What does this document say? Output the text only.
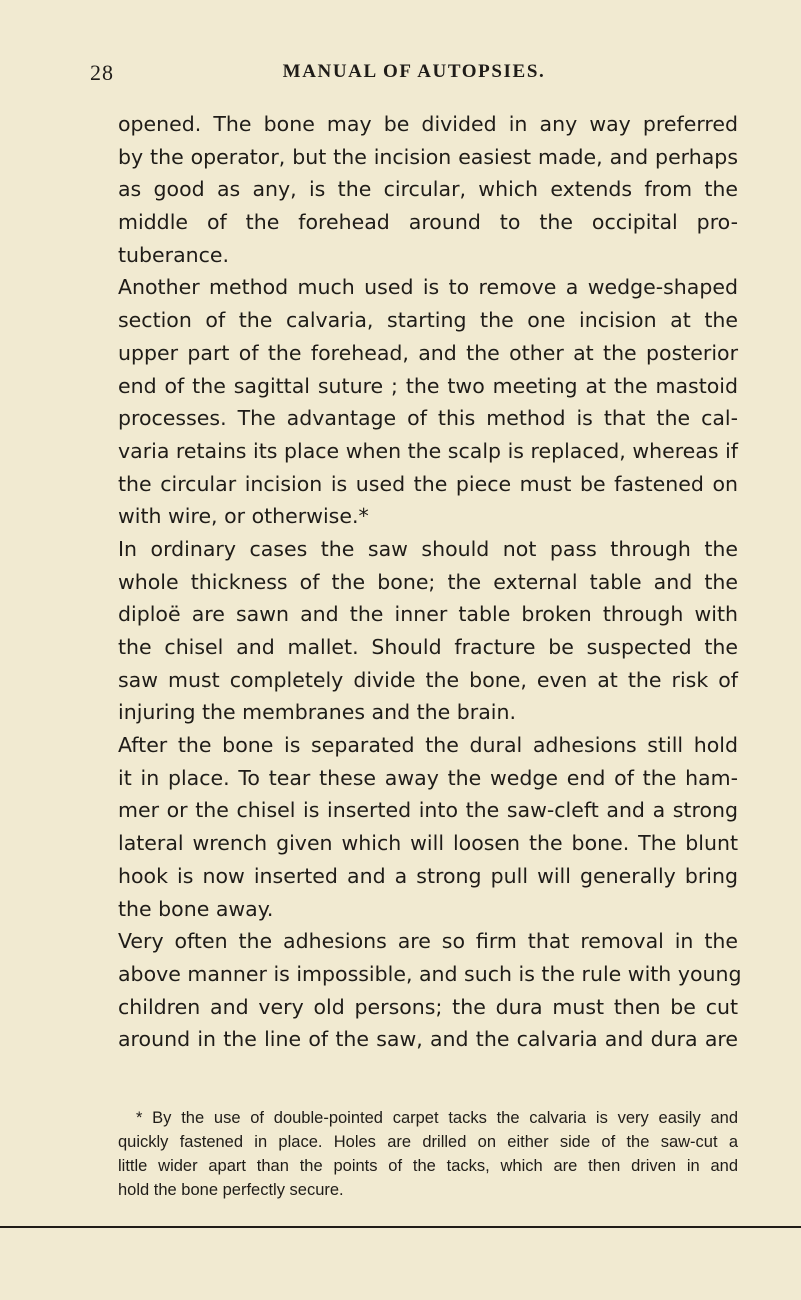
28	MANUAL OF AUTOPSIES.
opened. The bone may be divided in any way preferred
by the operator, but the incision easiest made, and perhaps
as good as any, is the circular, which extends from the
middle of the forehead around to the occipital pro-
tuberance.
Another method much used is to remove a wedge-shaped
section of the calvaria, starting the one incision at the
upper part of the forehead, and the other at the posterior
end of the sagittal suture ; the two meeting at the mastoid
processes. The advantage of this method is that the cal-
varia retains its place when the scalp is replaced, whereas if
the circular incision is used the piece must be fastened on
with wire, or otherwise.*
In ordinary cases the saw should not pass through the
whole thickness of the bone; the external table and the
diploë are sawn and the inner table broken through with
the chisel and mallet. Should fracture be suspected the
saw must completely divide the bone, even at the risk of
injuring the membranes and the brain.
After the bone is separated the dural adhesions still hold
it in place. To tear these away the wedge end of the ham-
mer or the chisel is inserted into the saw-cleft and a strong
lateral wrench given which will loosen the bone. The blunt
hook is now inserted and a strong pull will generally bring
the bone away.
Very often the adhesions are so firm that removal in the
above manner is impossible, and such is the rule with young
children and very old persons; the dura must then be cut
around in the line of the saw, and the calvaria and dura are
* By the use of double-pointed carpet tacks the calvaria is very easily and
quickly fastened in place. Holes are drilled on either side of the saw-cut a
little wider apart than the points of the tacks, which are then driven in and
hold the bone perfectly secure.
